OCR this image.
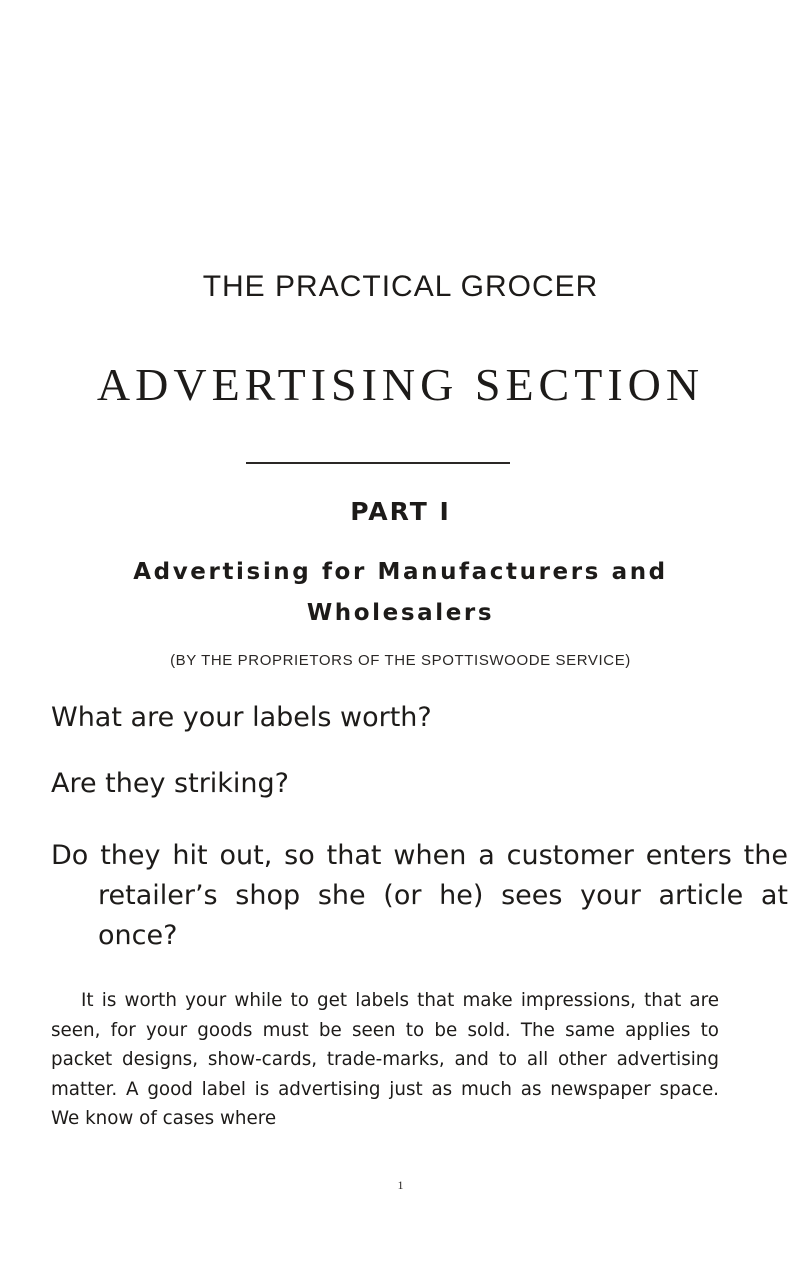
THE PRACTICAL GROCER
ADVERTISING SECTION
PART I
Advertising for Manufacturers and
Wholesalers
(BY THE PROPRIETORS OF THE SPOTTISWOODE SERVICE)
What are your labels worth?
Are they striking?
Do they hit out, so that when a customer enters the retailer’s shop she (or he) sees your article at once?
It is worth your while to get labels that make impressions, that are seen, for your goods must be seen to be sold. The same applies to packet designs, show-cards, trade-marks, and to all other advertising matter. A good label is advertising just as much as newspaper space. We know of cases where
1
